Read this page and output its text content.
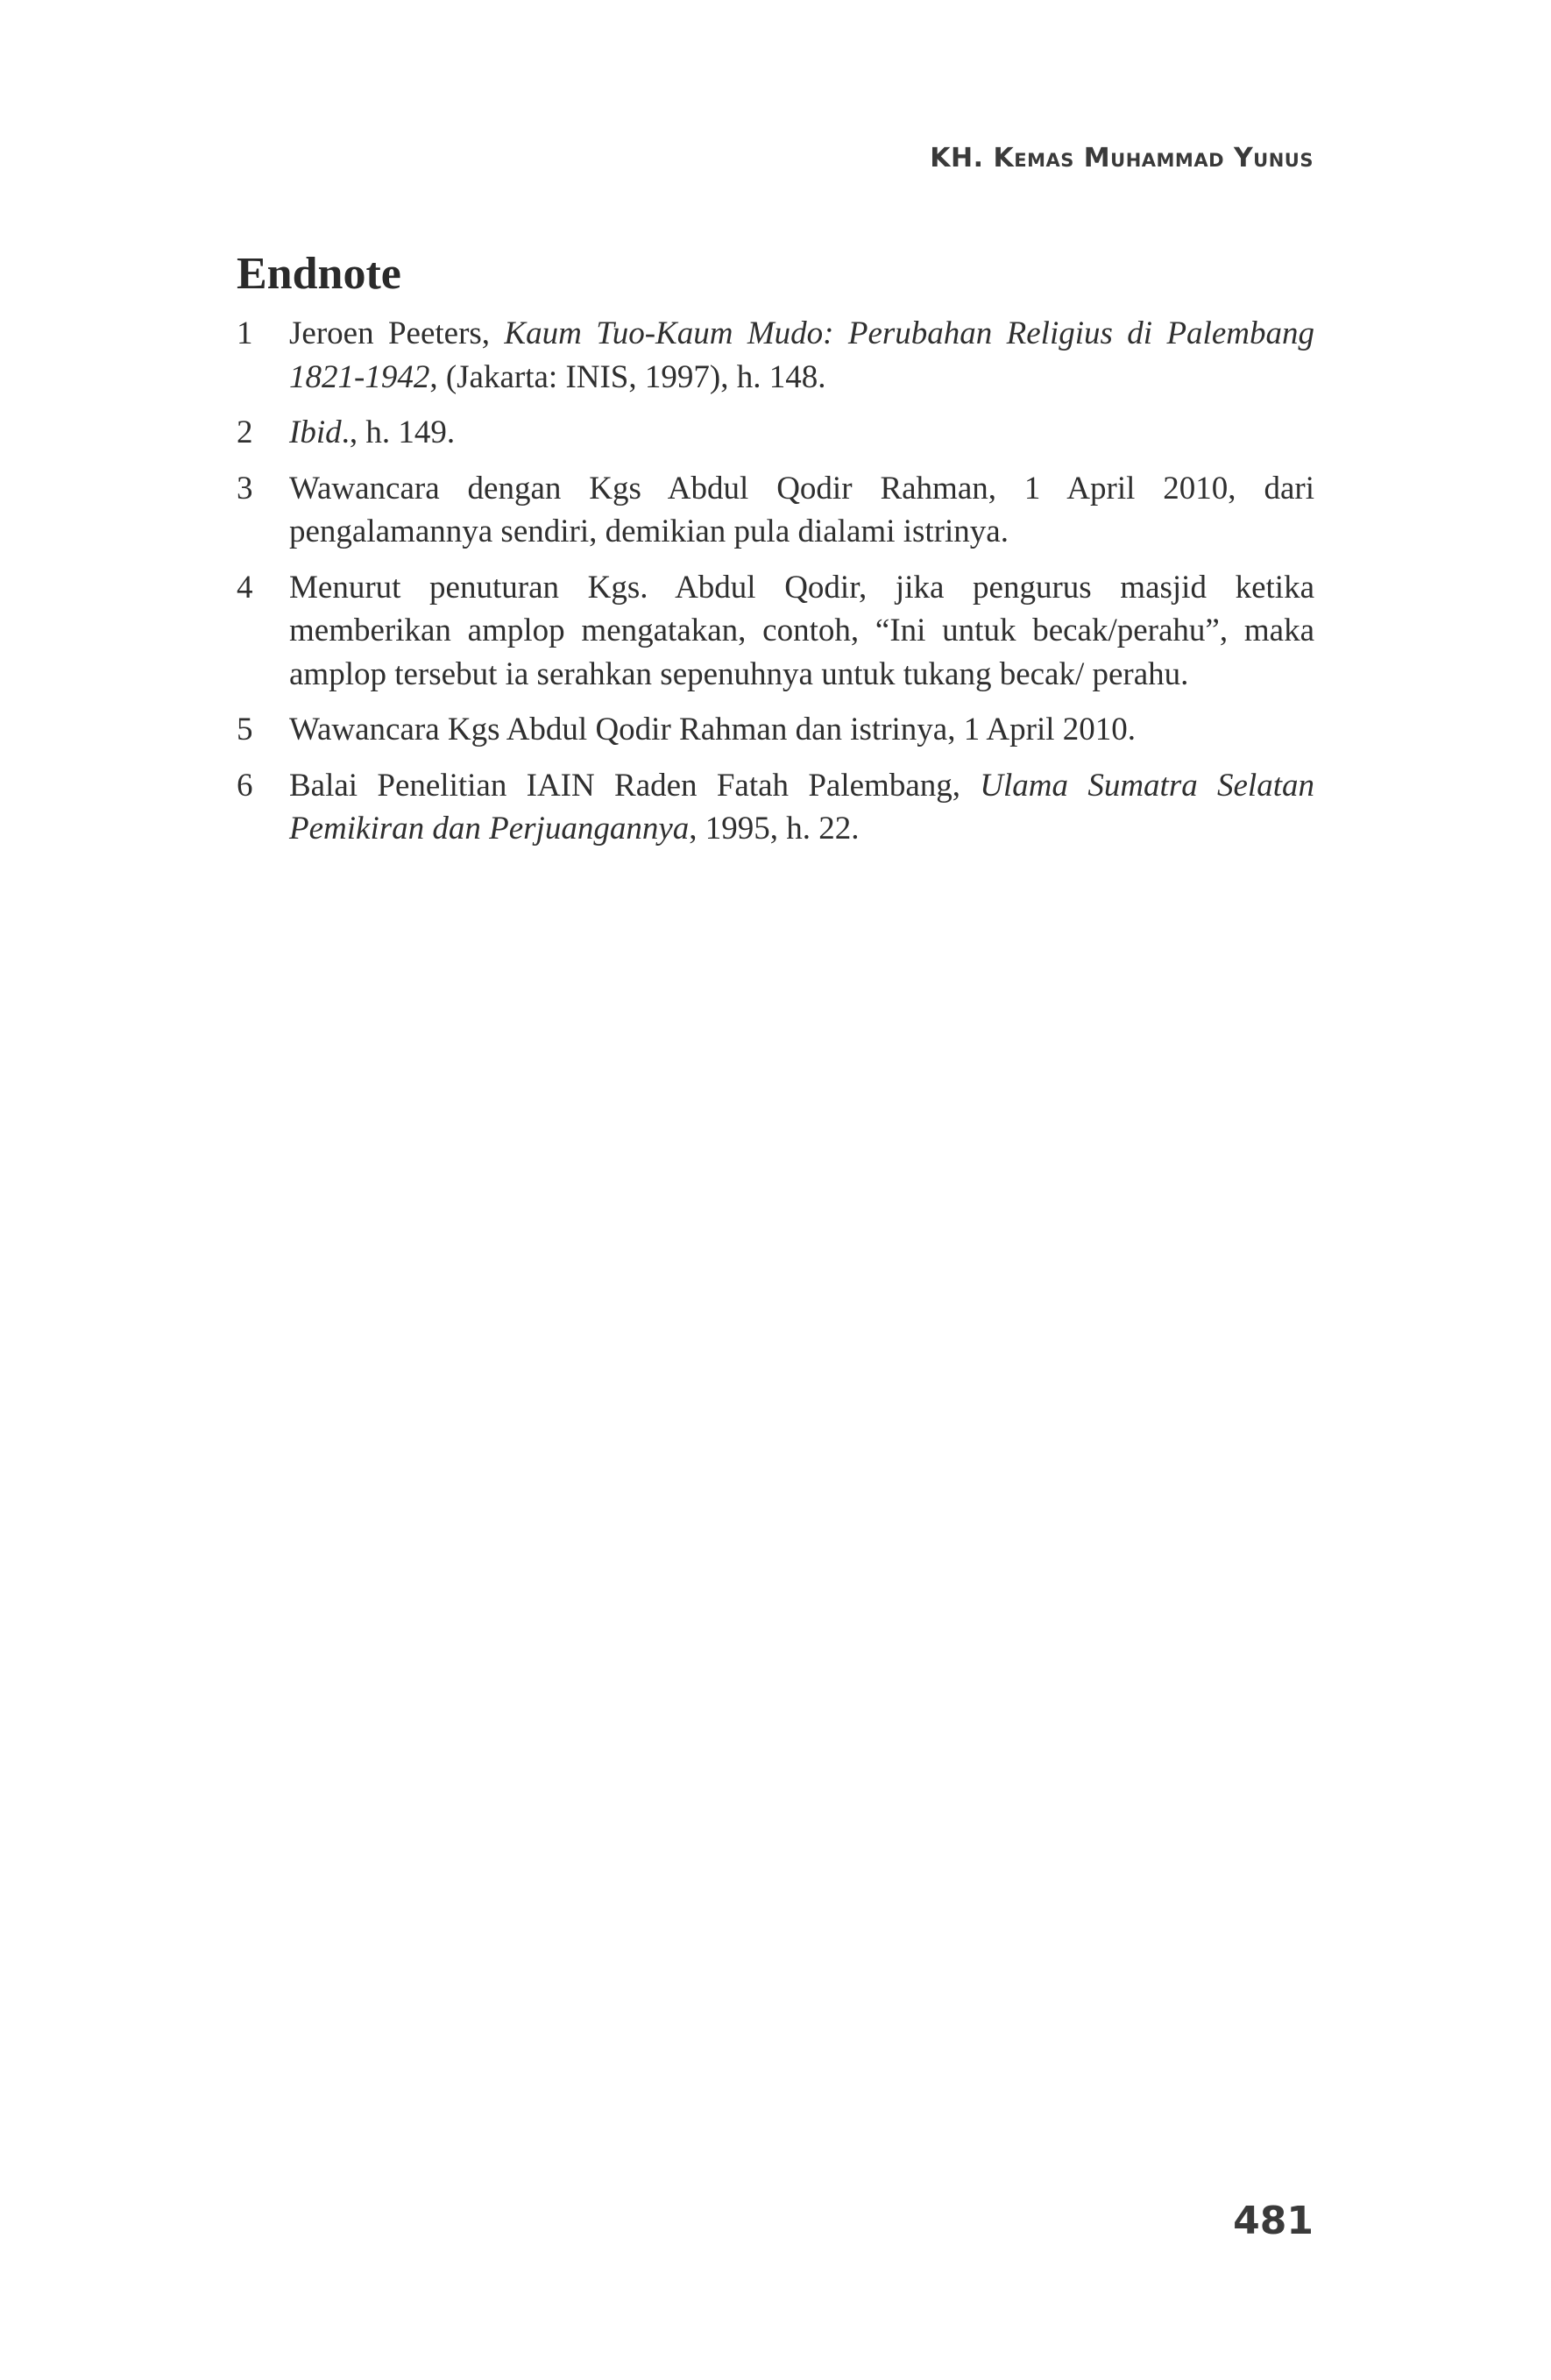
KH. Kemas Muhammad Yunus
Endnote
1	Jeroen Peeters, Kaum Tuo-Kaum Mudo: Perubahan Religius di Palembang 1821-1942, (Jakarta: INIS, 1997), h. 148.
2	Ibid., h. 149.
3	Wawancara dengan Kgs Abdul Qodir Rahman, 1 April 2010, dari pengalamannya sendiri, demikian pula dialami istrinya.
4	Menurut penuturan Kgs. Abdul Qodir, jika pengurus masjid ketika memberikan amplop mengatakan, contoh, “Ini untuk becak/perahu”, maka amplop tersebut ia serahkan sepenuhnya untuk tukang becak/ perahu.
5	Wawancara Kgs Abdul Qodir Rahman dan istrinya, 1 April 2010.
6	Balai Penelitian IAIN Raden Fatah Palembang, Ulama Sumatra Selatan Pemikiran dan Perjuangannya, 1995, h. 22.
481
